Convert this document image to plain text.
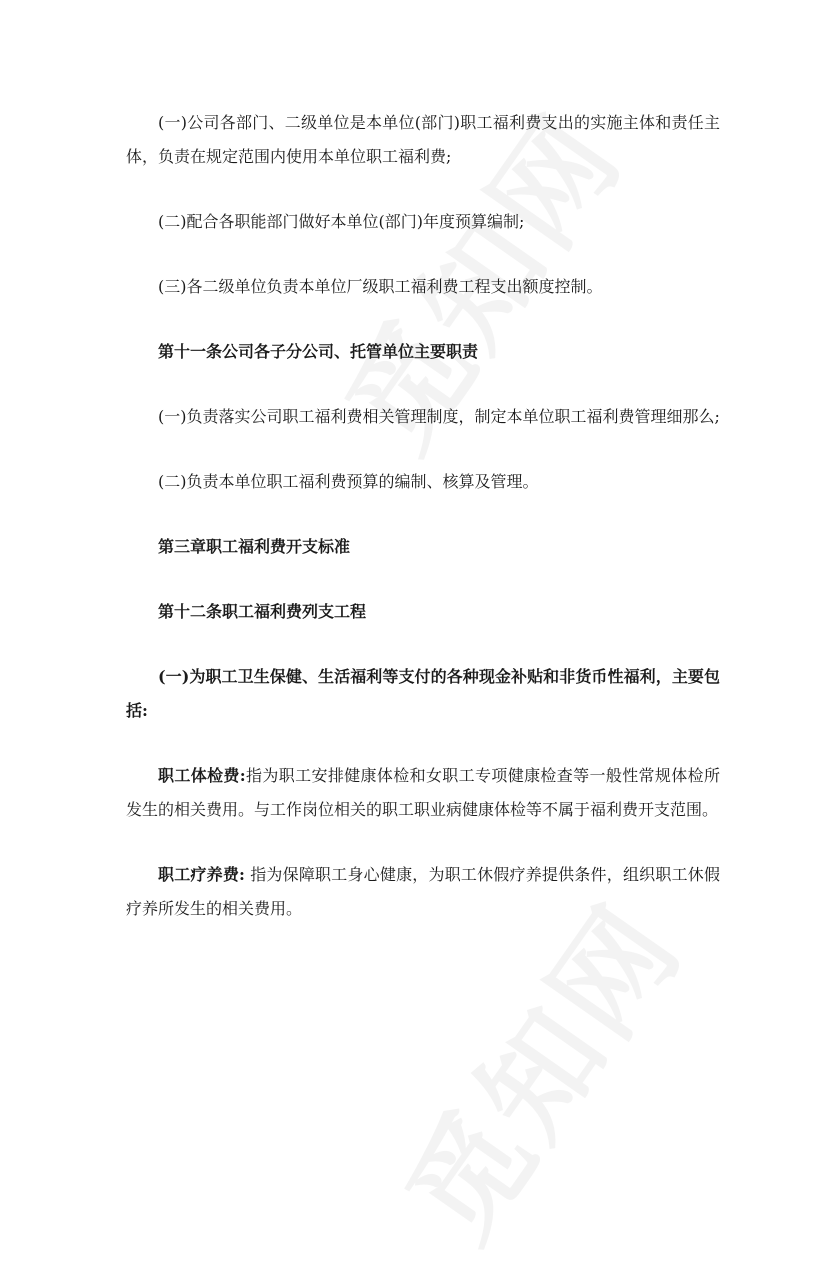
(一)公司各部门、二级单位是本单位(部门)职工福利费支出的实施主体和责任主体，负责在规定范围内使用本单位职工福利费;

(二)配合各职能部门做好本单位(部门)年度预算编制;

(三)各二级单位负责本单位厂级职工福利费工程支出额度控制。

第十一条公司各子分公司、托管单位主要职责

(一)负责落实公司职工福利费相关管理制度，制定本单位职工福利费管理细那么;

(二)负责本单位职工福利费预算的编制、核算及管理。

第三章职工福利费开支标准

第十二条职工福利费列支工程

(一)为职工卫生保健、生活福利等支付的各种现金补贴和非货币性福利，主要包括:

职工体检费:指为职工安排健康体检和女职工专项健康检查等一般性常规体检所发生的相关费用。与工作岗位相关的职工职业病健康体检等不属于福利费开支范围。

职工疗养费: 指为保障职工身心健康，为职工休假疗养提供条件，组织职工休假疗养所发生的相关费用。
